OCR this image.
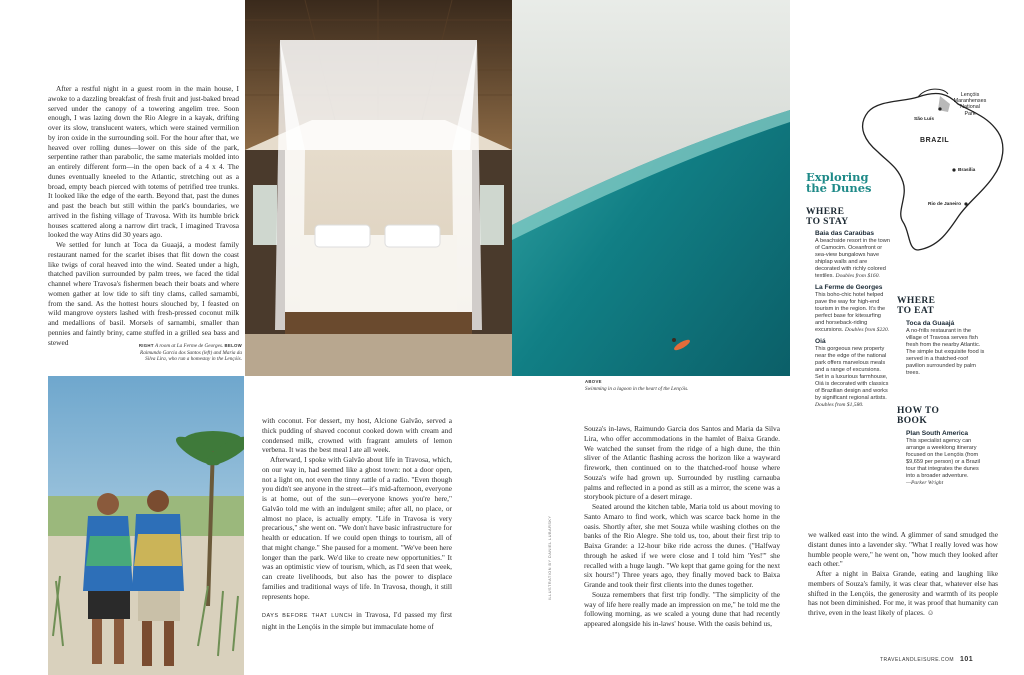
After a restful night in a guest room in the main house, I awoke to a dazzling breakfast of fresh fruit and just-baked bread served under the canopy of a towering angelim tree. Soon enough, I was lazing down the Rio Alegre in a kayak, drifting over its slow, translucent waters, which were stained vermilion by iron oxide in the surrounding soil. For the hour after that, we heaved over rolling dunes—lower on this side of the park, serpentine rather than parabolic, the same materials molded into an entirely different form—in the open back of a 4 x 4. The dunes eventually kneeled to the Atlantic, stretching out as a broad, empty beach pierced with totems of petrified tree trunks. It looked like the edge of the earth. Beyond that, past the dunes and past the beach but still within the park's boundaries, we arrived in the fishing village of Travosa. With its humble brick houses scattered along a narrow dirt track, I imagined Travosa looked the way Atins did 30 years ago.

We settled for lunch at Toca da Guaajá, a modest family restaurant named for the scarlet ibises that flit down the coast like twigs of coral heaved into the wind. Seated under a high, thatched pavilion surrounded by palm trees, we faced the tidal channel where Travosa's fishermen beach their boats and where women gather at low tide to sift tiny clams, called sarnambi, from the sand. As the hottest hours slouched by, I feasted on wild mangrove oysters lashed with fresh-pressed coconut milk and medallions of basil. Morsels of sarnambi, smaller than pennies and faintly briny, came stuffed in a grilled sea bass and stewed	RIGHT A room at La Ferme de Georges. BELOW Raimundo Garcia dos Santos (left) and Maria da Silva Lira, who run a homestay in the Lençóis.
ABOVE
Swimming in a lagoon in the heart of the Lençóis.

with coconut. For dessert, my host, Alcione Galvão, served a thick pudding of shaved coconut cooked down with cream and condensed milk, crowned with fragrant amulets of lemon verbena. It was the best meal I ate all week.

Afterward, I spoke with Galvão about life in Travosa, which, on our way in, had seemed like a ghost town: not a door open, not a light on, not even the tinny rattle of a radio. "Even though you didn't see anyone in the street—it's mid-afternoon, everyone is at home, out of the sun—everyone knows you're here," Galvão told me with an indulgent smile; after all, no place, or almost no place, is actually empty. "Life in Travosa is very precarious," she went on. "We don't have basic infrastructure for health or education. If we could open things to tourism, all of that might change." She paused for a moment. "We've been here longer than the park. We'd like to create new opportunities." It was an optimistic view of tourism, which, as I'd seen that week, can create livelihoods, but also has the power to displace families and traditional ways of life. In Travosa, though, it still represents hope.

DAYS BEFORE THAT LUNCH in Travosa, I'd passed my first night in the Lençóis in the simple but immaculate home of

ILLUSTRATION BY DANIEL LUBARSKY

Souza's in-laws, Raimundo Garcia dos Santos and Maria da Silva Lira, who offer accommodations in the hamlet of Baixa Grande. We watched the sunset from the ridge of a high dune, the thin sliver of the Atlantic flashing across the horizon like a wayward firework, then continued on to the thatched-roof house where Souza's wife had grown up. Surrounded by rustling carnauba palms and reflected in a pond as still as a mirror, the scene was a storybook picture of a desert mirage.

Seated around the kitchen table, Maria told us about moving to Santo Amaro to find work, which was scarce back home in the oasis. Shortly after, she met Souza while washing clothes on the banks of the Rio Alegre. She told us, too, about their first trip to Baixa Grande: a 12-hour bike ride across the dunes. ("Halfway through he asked if we were close and I told him 'Yes!'" she recalled with a huge laugh. "We kept that game going for the next six hours!") Three years ago, they finally moved back to Baixa Grande and took their first clients into the dunes together.

Souza remembers that first trip fondly. "The simplicity of the way of life here really made an impression on me," he told me the following morning, as we scaled a young dune that had recently appeared alongside his in-laws' house. With the oasis behind us,

we walked east into the wind. A glimmer of sand smudged the distant dunes into a lavender sky. "What I really loved was how humble people were," he went on, "how much they looked after each other."

After a night in Baixa Grande, eating and laughing like members of Souza's family, it was clear that, whatever else has shifted in the Lençóis, the generosity and warmth of its people has not been diminished. For me, it was proof that humanity can thrive, even in the least likely of places. ☺

Lençóis
Maranhenses
National
Park
São Luís
BRAZIL
Brasília
Rio de Janeiro
Exploring
the Dunes
WHERE
TO STAY
Baia das Caraúbas
A beachside resort in the town of Camocim. Oceanfront or sea-view bungalows have shiplap walls and are decorated with richly colored textiles. Doubles from $160.
La Ferme de Georges
This boho-chic hotel helped pave the way for high-end tourism in the region. It's the perfect base for kitesurfing and horseback-riding excursions. Doubles from $220.
Oiá
This gorgeous new property near the edge of the national park offers marvelous meals and a range of excursions. Set in a luxurious farmhouse, Oiá is decorated with classics of Brazilian design and works by significant regional artists. Doubles from $1,580.
WHERE
TO EAT
Toca da Guaajá
A no-frills restaurant in the village of Travosa serves fish fresh from the nearby Atlantic. The simple but exquisite food is served in a thatched-roof pavilion surrounded by palm trees.
HOW TO
BOOK
Plan South America
This specialist agency can arrange a weeklong itinerary focused on the Lençóis (from $9,659 per person) or a Brazil tour that integrates the dunes into a broader adventure.
—Parker Wright
TRAVELANDLEISURE.COM 101
